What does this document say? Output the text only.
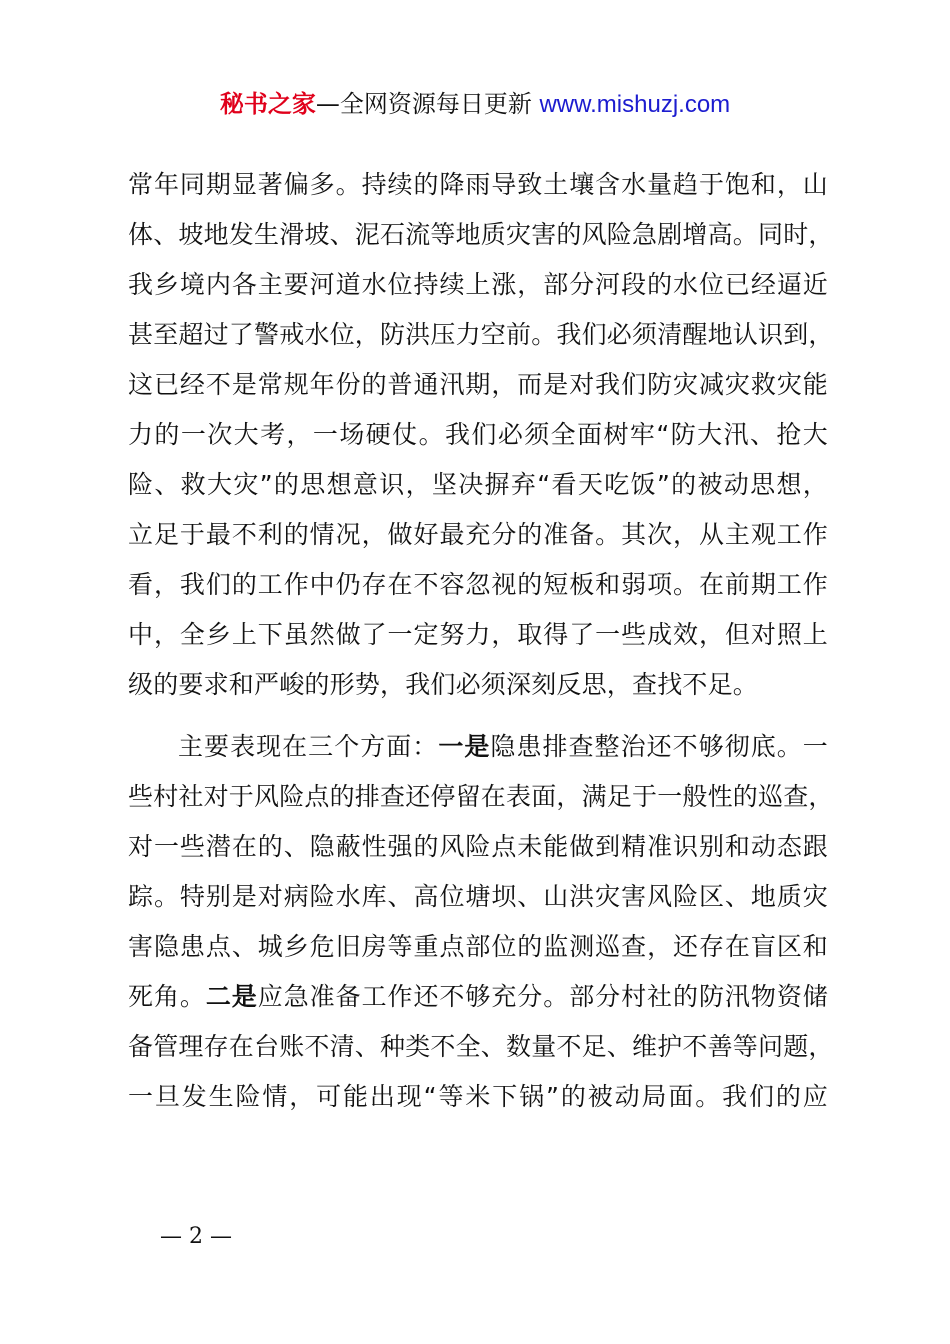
秘书之家—全网资源每日更新 www.mishuzj.com
常年同期显著偏多。持续的降雨导致土壤含水量趋于饱和，山
体、坡地发生滑坡、泥石流等地质灾害的风险急剧增高。同时，
我乡境内各主要河道水位持续上涨，部分河段的水位已经逼近
甚至超过了警戒水位，防洪压力空前。我们必须清醒地认识到，
这已经不是常规年份的普通汛期，而是对我们防灾减灾救灾能
力的一次大考，一场硬仗。我们必须全面树牢“防大汛、抢大
险、救大灾”的思想意识，坚决摒弃“看天吃饭”的被动思想，
立足于最不利的情况，做好最充分的准备。其次，从主观工作
看，我们的工作中仍存在不容忽视的短板和弱项。在前期工作
中，全乡上下虽然做了一定努力，取得了一些成效，但对照上
级的要求和严峻的形势，我们必须深刻反思，查找不足。
主要表现在三个方面：一是隐患排查整治还不够彻底。一
些村社对于风险点的排查还停留在表面，满足于一般性的巡查，
对一些潜在的、隐蔽性强的风险点未能做到精准识别和动态跟
踪。特别是对病险水库、高位塘坝、山洪灾害风险区、地质灾
害隐患点、城乡危旧房等重点部位的监测巡查，还存在盲区和
死角。二是应急准备工作还不够充分。部分村社的防汛物资储
备管理存在台账不清、种类不全、数量不足、维护不善等问题，
一旦发生险情，可能出现“等米下锅”的被动局面。我们的应
— 2 —
